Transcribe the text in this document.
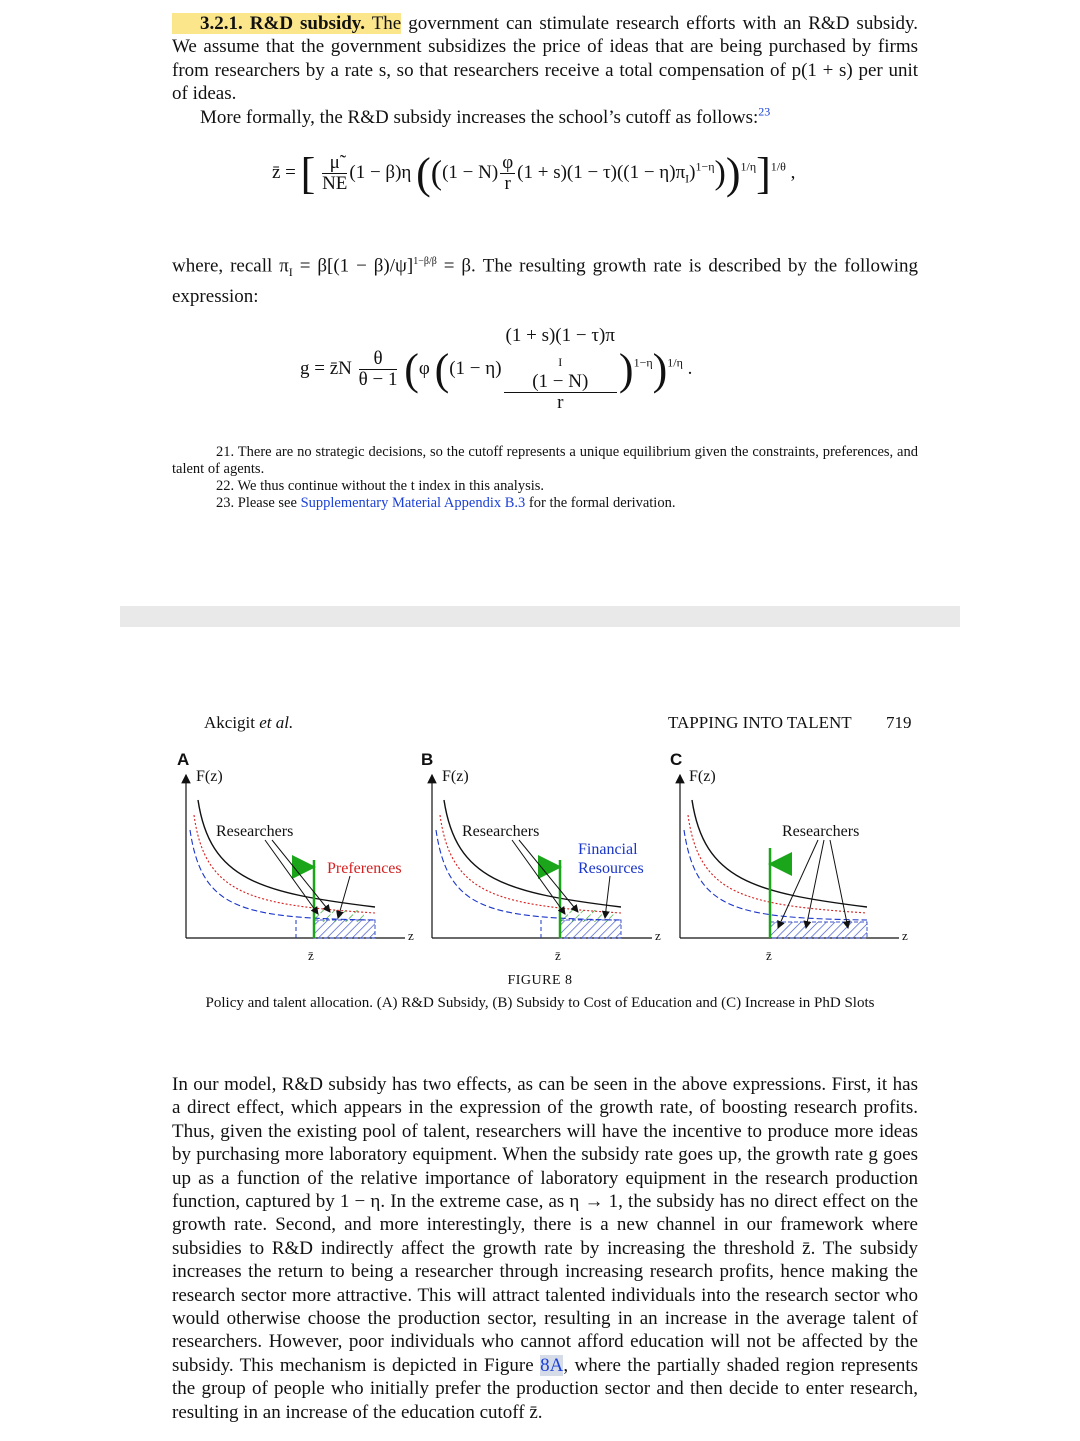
3.2.1. R&D subsidy. The government can stimulate research efforts with an R&D subsidy. We assume that the government subsidizes the price of ideas that are being purchased by firms from researchers by a rate s, so that researchers receive a total compensation of p(1 + s) per unit of ideas.

More formally, the R&D subsidy increases the school’s cutoff as follows:$^{23}$

z̄ = [ $\frac{\mũ}{NE} (1 - \beta)\eta$ $(((1 - N) \frac{\varphi}{r} (1 + s)(1 - \tau)((1 - \eta)\pi_I)^{1-\eta}))^{1/\eta}]^{1/\theta}$ ,

where, recall $\pi_I = \beta[(1 - \beta)/\psi]^{1-\beta/\beta} = \beta$. The resulting growth rate is described by the following expression:

g = z̄N $\frac{\theta}{\theta - 1} (\varphi$ ((1 − η) (1 + s)(1 − τ)π
$_I$
(1 − N)
r )$^{1-\eta}$)$^{1/\eta}$ .
21. There are no strategic decisions, so the cutoff represents a unique equilibrium given the constraints, preferences, and talent of agents.
22. We thus continue without the t index in this analysis.
23. Please see Supplementary Material Appendix B.3 for the formal derivation.
Akcigit et al.	TAPPING INTO TALENT 719
A	B	C
F(z)	F(z)	F(z)
Researchers	Researchers	Researchers
Preferences
Financial
Resources
z	z	z
z̄	z̄	z̄
FIGURE 8
Policy and talent allocation. (A) R&D Subsidy, (B) Subsidy to Cost of Education and (C) Increase in PhD Slots

In our model, R&D subsidy has two effects, as can be seen in the above expressions. First, it has a direct effect, which appears in the expression of the growth rate, of boosting research profits. Thus, given the existing pool of talent, researchers will have the incentive to produce more ideas by purchasing more laboratory equipment. When the subsidy rate goes up, the growth rate g goes up as a function of the relative importance of laboratory equipment in the research production function, captured by 1 − η. In the extreme case, as η → 1, the subsidy has no direct effect on the growth rate. Second, and more interestingly, there is a new channel in our framework where subsidies to R&D indirectly affect the growth rate by increasing the threshold z̄. The subsidy increases the return to being a researcher through increasing research profits, hence making the research sector more attractive. This will attract talented individuals into the research sector who would otherwise choose the production sector, resulting in an increase in the average talent of researchers. However, poor individuals who cannot afford education will not be affected by the subsidy. This mechanism is depicted in Figure 8A, where the partially shaded region represents the group of people who initially prefer the production sector and then decide to enter research, resulting in an increase of the education cutoff z̄.
